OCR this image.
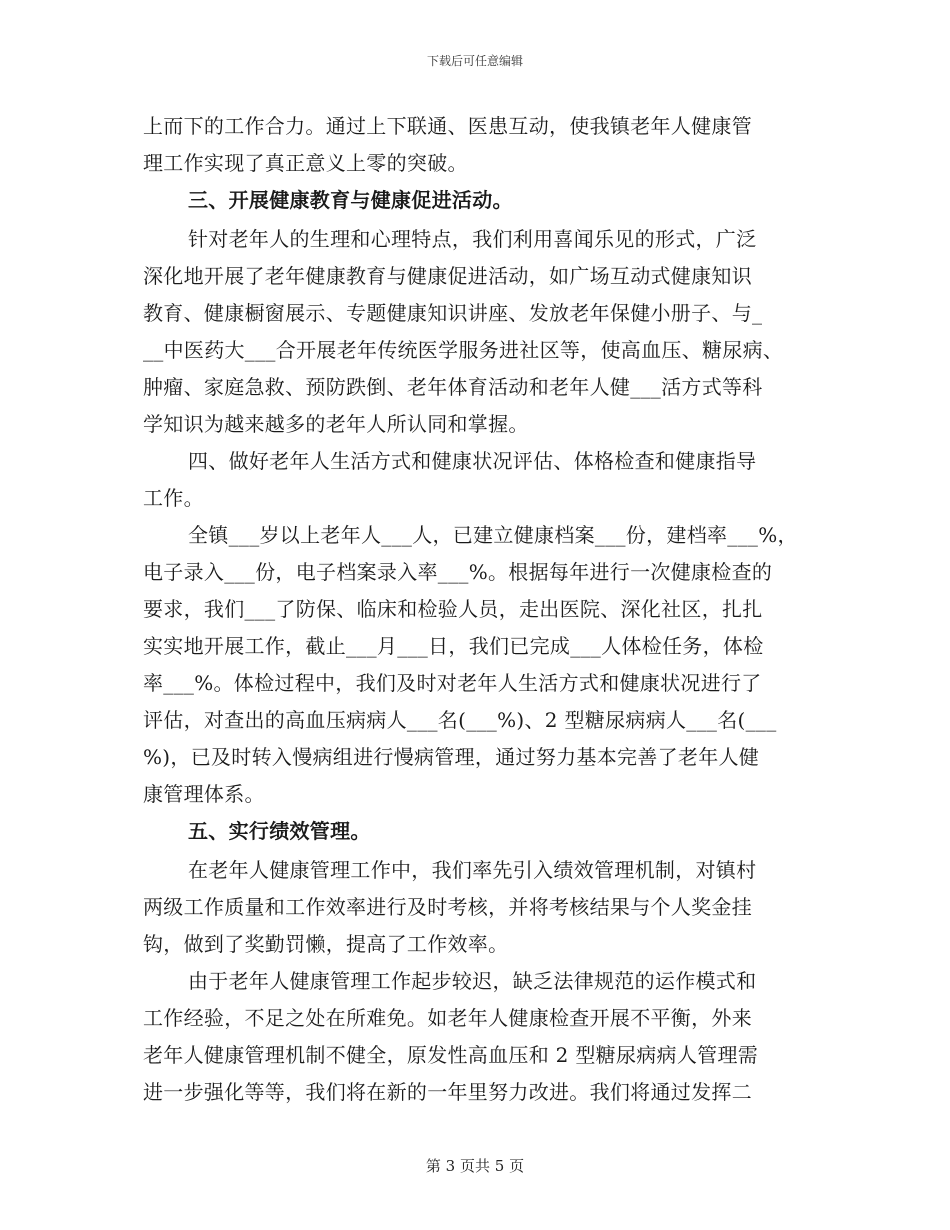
下载后可任意编辑
上而下的工作合力。通过上下联通、医患互动，使我镇老年人健康管
理工作实现了真正意义上零的突破。
三、开展健康教育与健康促进活动。
针对老年人的生理和心理特点，我们利用喜闻乐见的形式，广泛
深化地开展了老年健康教育与健康促进活动，如广场互动式健康知识
教育、健康橱窗展示、专题健康知识讲座、发放老年保健小册子、与_
__中医药大___合开展老年传统医学服务进社区等，使高血压、糖尿病、
肿瘤、家庭急救、预防跌倒、老年体育活动和老年人健___活方式等科
学知识为越来越多的老年人所认同和掌握。
四、做好老年人生活方式和健康状况评估、体格检查和健康指导
工作。
全镇___岁以上老年人___人，已建立健康档案___份，建档率___%，
电子录入___份，电子档案录入率___%。根据每年进行一次健康检查的
要求，我们___了防保、临床和检验人员，走出医院、深化社区，扎扎
实实地开展工作，截止___月___日，我们已完成___人体检任务，体检
率___%。体检过程中，我们及时对老年人生活方式和健康状况进行了
评估，对查出的高血压病病人___名(___%)、2 型糖尿病病人___名(___
%)，已及时转入慢病组进行慢病管理，通过努力基本完善了老年人健
康管理体系。
五、实行绩效管理。
在老年人健康管理工作中，我们率先引入绩效管理机制，对镇村
两级工作质量和工作效率进行及时考核，并将考核结果与个人奖金挂
钩，做到了奖勤罚懒，提高了工作效率。
由于老年人健康管理工作起步较迟，缺乏法律规范的运作模式和
工作经验，不足之处在所难免。如老年人健康检查开展不平衡，外来
老年人健康管理机制不健全，原发性高血压和 2 型糖尿病病人管理需
进一步强化等等，我们将在新的一年里努力改进。我们将通过发挥二
第 3 页共 5 页
